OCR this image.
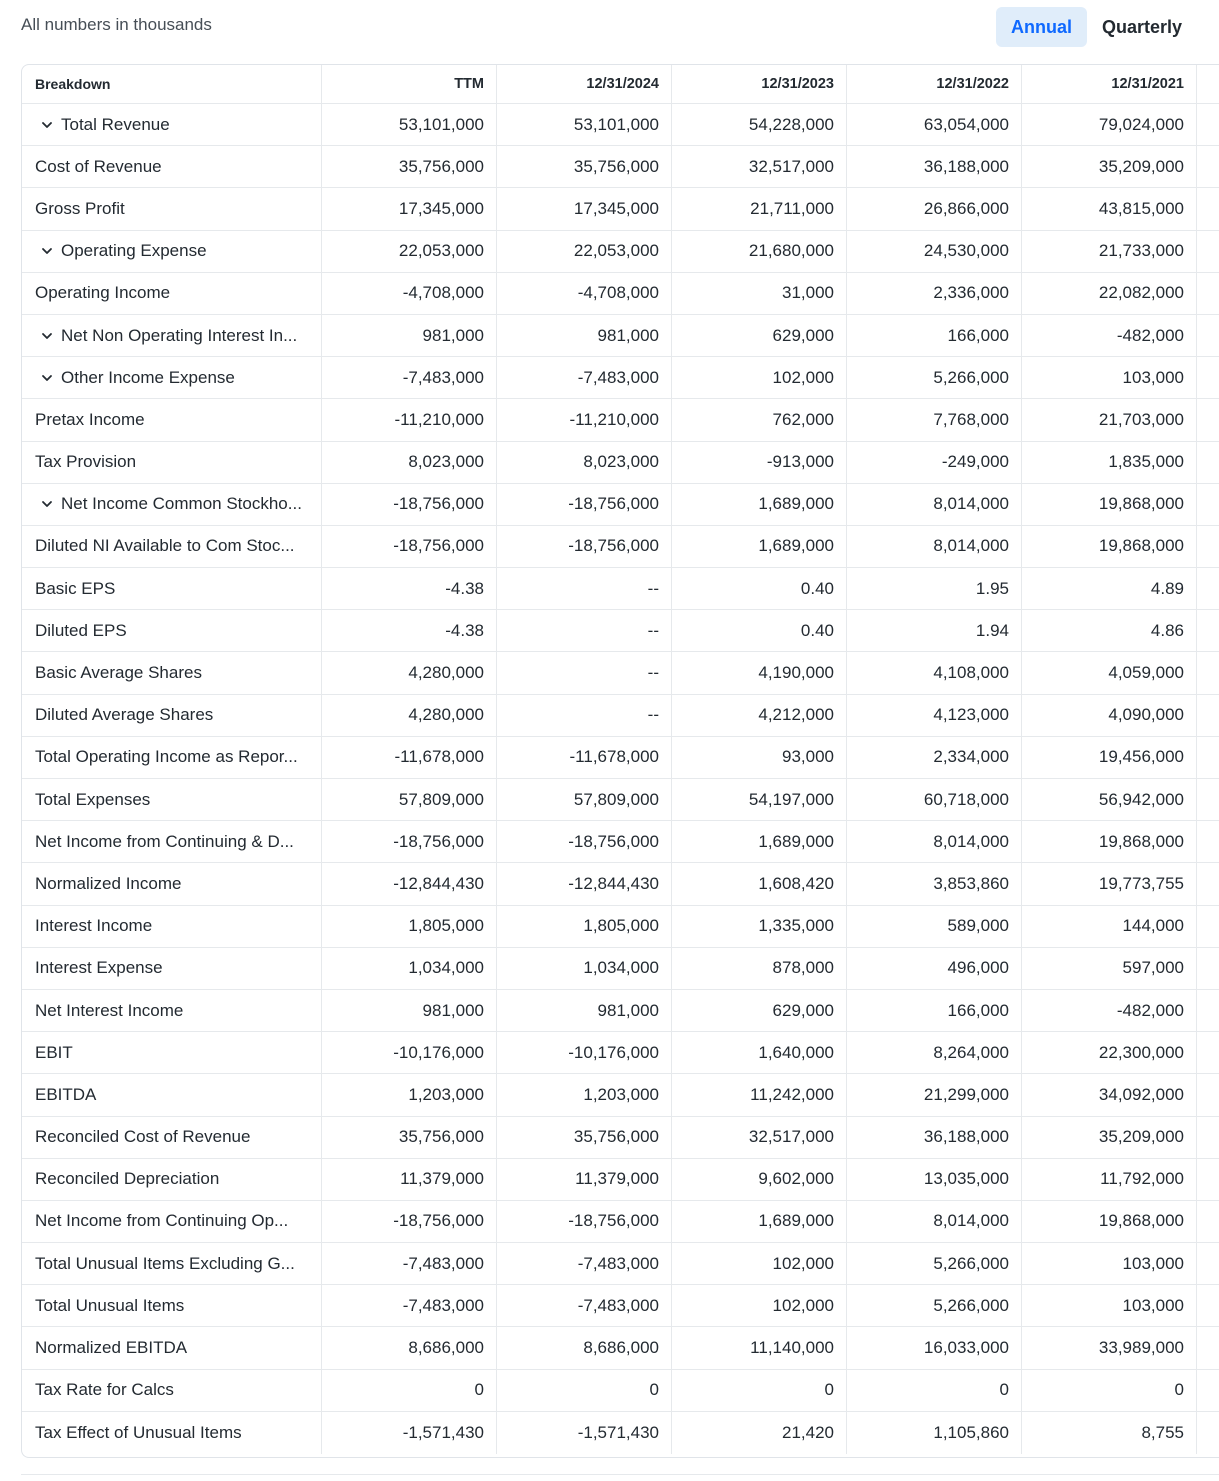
All numbers in thousands	Annual	Quarterly
Breakdown	TTM	12/31/2024	12/31/2023	12/31/2022	12/31/2021
Total Revenue	53,101,000	53,101,000	54,228,000	63,054,000	79,024,000
Cost of Revenue	35,756,000	35,756,000	32,517,000	36,188,000	35,209,000
Gross Profit	17,345,000	17,345,000	21,711,000	26,866,000	43,815,000
Operating Expense	22,053,000	22,053,000	21,680,000	24,530,000	21,733,000
Operating Income	-4,708,000	-4,708,000	31,000	2,336,000	22,082,000
Net Non Operating Interest In...	981,000	981,000	629,000	166,000	-482,000
Other Income Expense	-7,483,000	-7,483,000	102,000	5,266,000	103,000
Pretax Income	-11,210,000	-11,210,000	762,000	7,768,000	21,703,000
Tax Provision	8,023,000	8,023,000	-913,000	-249,000	1,835,000
Net Income Common Stockho...	-18,756,000	-18,756,000	1,689,000	8,014,000	19,868,000
Diluted NI Available to Com Stoc...	-18,756,000	-18,756,000	1,689,000	8,014,000	19,868,000
Basic EPS	-4.38	--	0.40	1.95	4.89
Diluted EPS	-4.38	--	0.40	1.94	4.86
Basic Average Shares	4,280,000	--	4,190,000	4,108,000	4,059,000
Diluted Average Shares	4,280,000	--	4,212,000	4,123,000	4,090,000
Total Operating Income as Repor...	-11,678,000	-11,678,000	93,000	2,334,000	19,456,000
Total Expenses	57,809,000	57,809,000	54,197,000	60,718,000	56,942,000
Net Income from Continuing & D...	-18,756,000	-18,756,000	1,689,000	8,014,000	19,868,000
Normalized Income	-12,844,430	-12,844,430	1,608,420	3,853,860	19,773,755
Interest Income	1,805,000	1,805,000	1,335,000	589,000	144,000
Interest Expense	1,034,000	1,034,000	878,000	496,000	597,000
Net Interest Income	981,000	981,000	629,000	166,000	-482,000
EBIT	-10,176,000	-10,176,000	1,640,000	8,264,000	22,300,000
EBITDA	1,203,000	1,203,000	11,242,000	21,299,000	34,092,000
Reconciled Cost of Revenue	35,756,000	35,756,000	32,517,000	36,188,000	35,209,000
Reconciled Depreciation	11,379,000	11,379,000	9,602,000	13,035,000	11,792,000
Net Income from Continuing Op...	-18,756,000	-18,756,000	1,689,000	8,014,000	19,868,000
Total Unusual Items Excluding G...	-7,483,000	-7,483,000	102,000	5,266,000	103,000
Total Unusual Items	-7,483,000	-7,483,000	102,000	5,266,000	103,000
Normalized EBITDA	8,686,000	8,686,000	11,140,000	16,033,000	33,989,000
Tax Rate for Calcs	0	0	0	0	0
Tax Effect of Unusual Items	-1,571,430	-1,571,430	21,420	1,105,860	8,755
